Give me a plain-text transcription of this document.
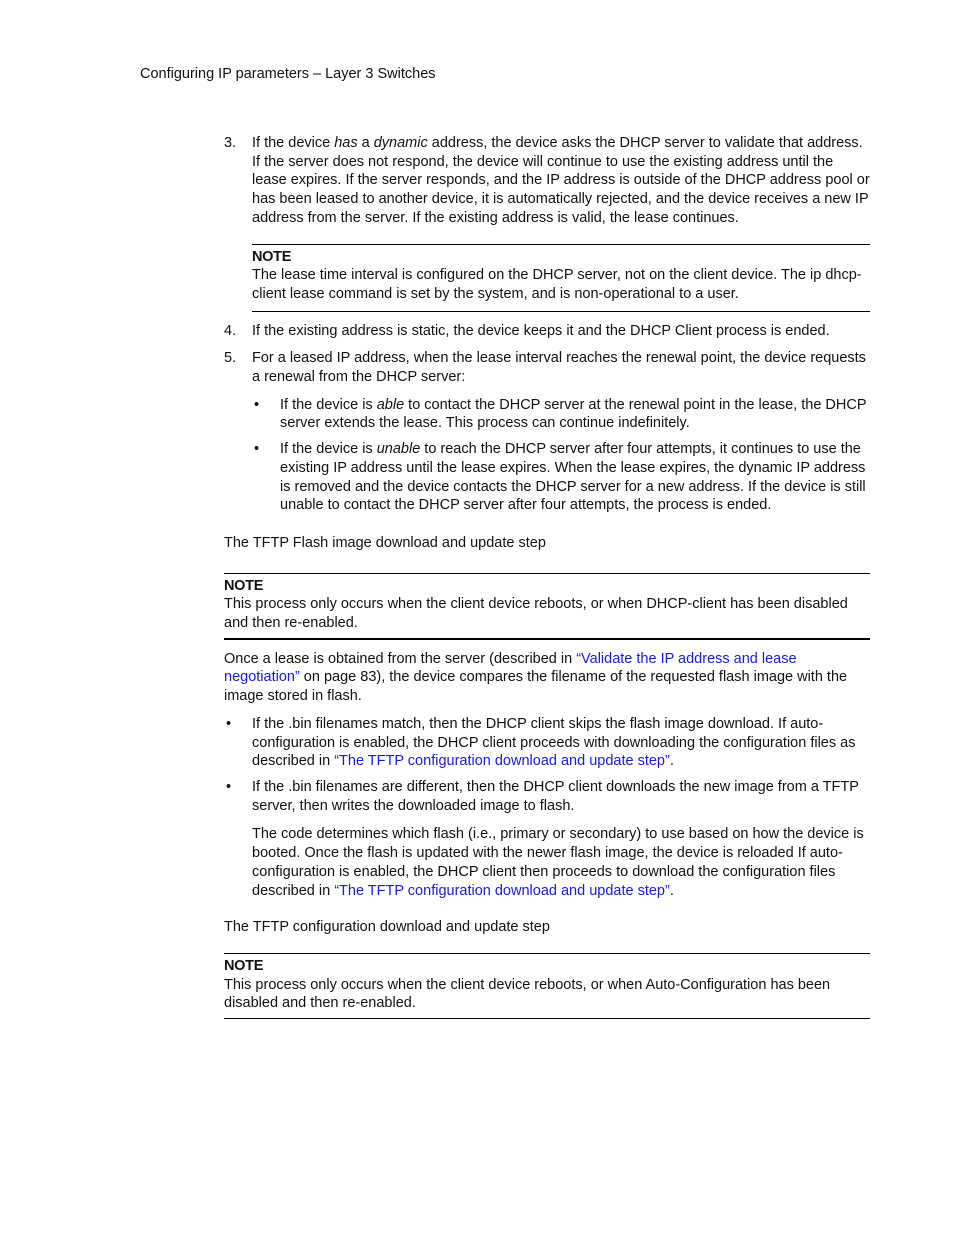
Configuring IP parameters – Layer 3 Switches
3.	If the device has a dynamic address, the device asks the DHCP server to validate that address. If the server does not respond, the device will continue to use the existing address until the lease expires. If the server responds, and the IP address is outside of the DHCP address pool or has been leased to another device, it is automatically rejected, and the device receives a new IP address from the server. If the existing address is valid, the lease continues.

NOTE

The lease time interval is configured on the DHCP server, not on the client device. The ip dhcp-client lease command is set by the system, and is non-operational to a user.

4.	If the existing address is static, the device keeps it and the DHCP Client process is ended.

5.	For a leased IP address, when the lease interval reaches the renewal point, the device requests a renewal from the DHCP server:

• If the device is able to contact the DHCP server at the renewal point in the lease, the DHCP server extends the lease. This process can continue indefinitely.

• If the device is unable to reach the DHCP server after four attempts, it continues to use the existing IP address until the lease expires. When the lease expires, the dynamic IP address is removed and the device contacts the DHCP server for a new address. If the device is still unable to contact the DHCP server after four attempts, the process is ended.

The TFTP Flash image download and update step
NOTE

This process only occurs when the client device reboots, or when DHCP-client has been disabled and then re-enabled.

Once a lease is obtained from the server (described in “Validate the IP address and lease negotiation” on page 83), the device compares the filename of the requested flash image with the image stored in flash.

• If the .bin filenames match, then the DHCP client skips the flash image download. If auto-configuration is enabled, the DHCP client proceeds with downloading the configuration files as described in “The TFTP configuration download and update step”.

• If the .bin filenames are different, then the DHCP client downloads the new image from a TFTP server, then writes the downloaded image to flash.

The code determines which flash (i.e., primary or secondary) to use based on how the device is booted. Once the flash is updated with the newer flash image, the device is reloaded If auto-configuration is enabled, the DHCP client then proceeds to download the configuration files described in “The TFTP configuration download and update step”.

The TFTP configuration download and update step
NOTE

This process only occurs when the client device reboots, or when Auto-Configuration has been disabled and then re-enabled.
